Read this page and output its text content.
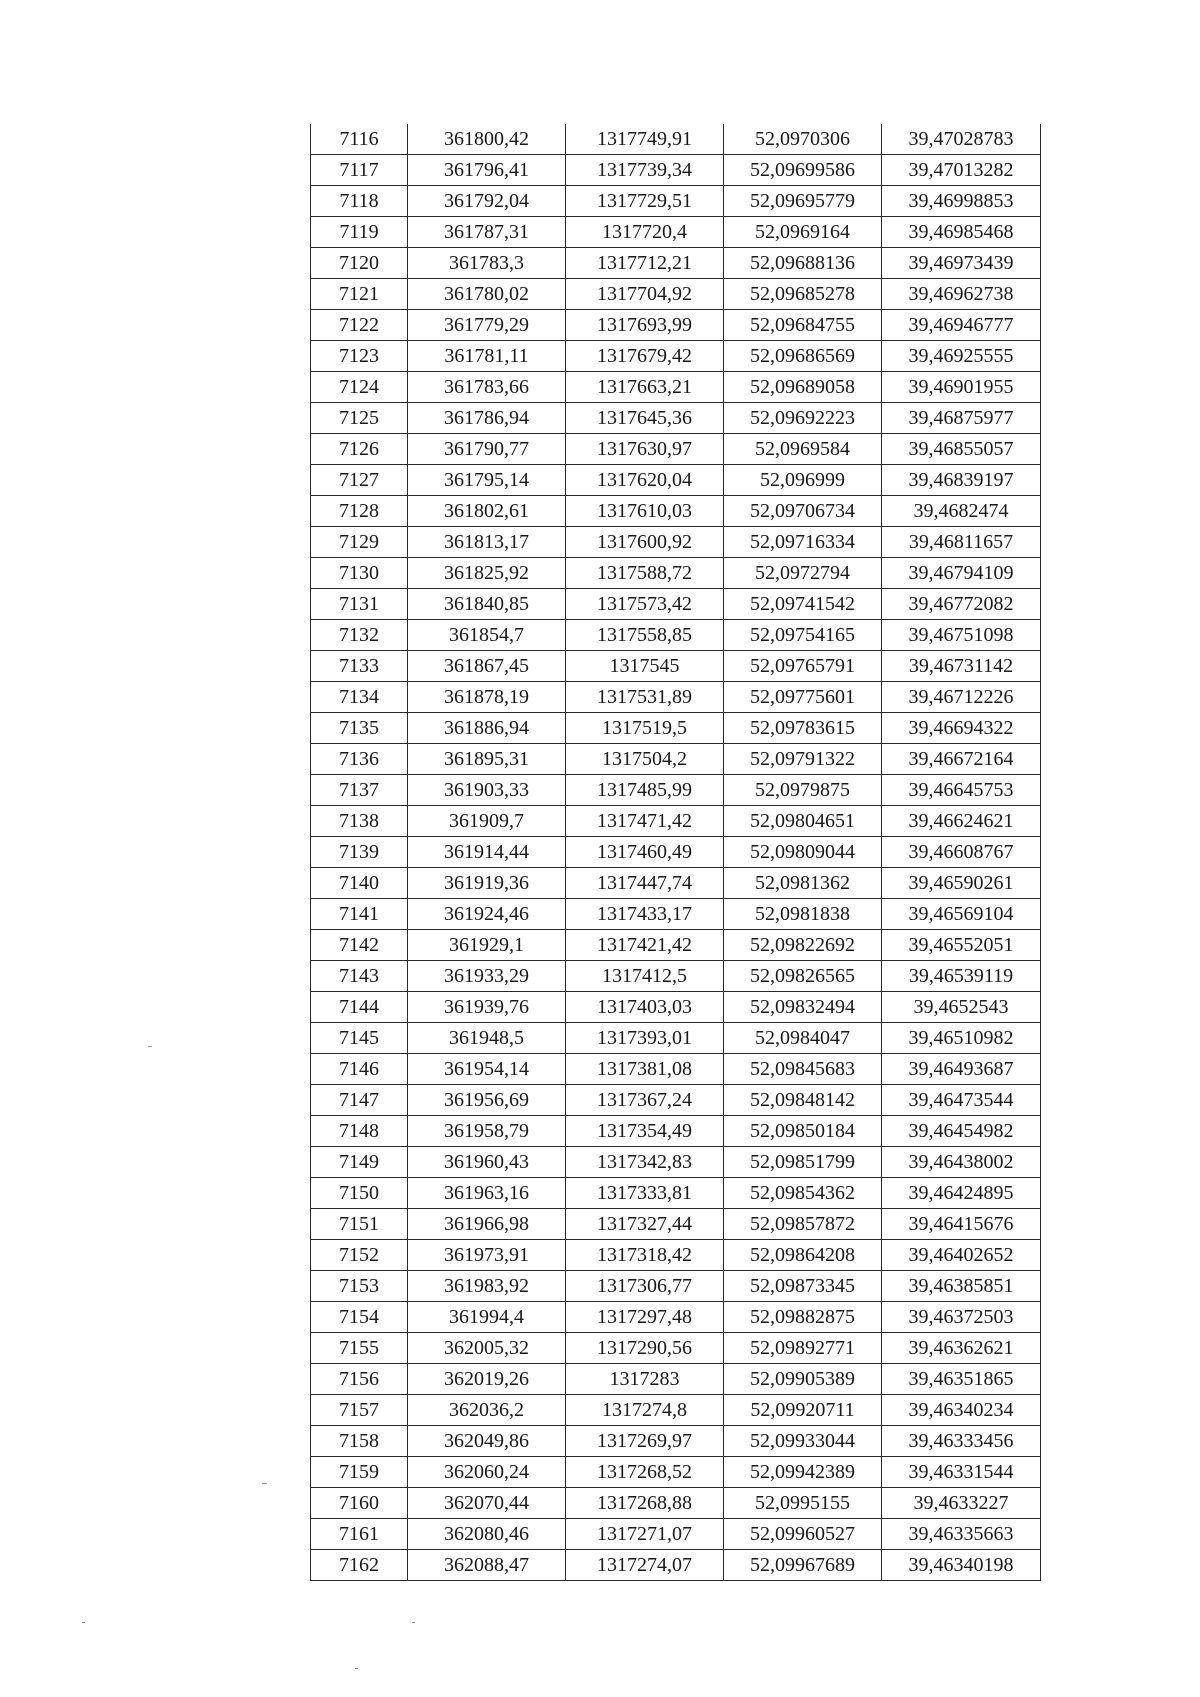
7116	361800,42	1317749,91	52,0970306	39,47028783
7117	361796,41	1317739,34	52,09699586	39,47013282
7118	361792,04	1317729,51	52,09695779	39,46998853
7119	361787,31	1317720,4	52,0969164	39,46985468
7120	361783,3	1317712,21	52,09688136	39,46973439
7121	361780,02	1317704,92	52,09685278	39,46962738
7122	361779,29	1317693,99	52,09684755	39,46946777
7123	361781,11	1317679,42	52,09686569	39,46925555
7124	361783,66	1317663,21	52,09689058	39,46901955
7125	361786,94	1317645,36	52,09692223	39,46875977
7126	361790,77	1317630,97	52,0969584	39,46855057
7127	361795,14	1317620,04	52,096999	39,46839197
7128	361802,61	1317610,03	52,09706734	39,4682474
7129	361813,17	1317600,92	52,09716334	39,46811657
7130	361825,92	1317588,72	52,0972794	39,46794109
7131	361840,85	1317573,42	52,09741542	39,46772082
7132	361854,7	1317558,85	52,09754165	39,46751098
7133	361867,45	1317545	52,09765791	39,46731142
7134	361878,19	1317531,89	52,09775601	39,46712226
7135	361886,94	1317519,5	52,09783615	39,46694322
7136	361895,31	1317504,2	52,09791322	39,46672164
7137	361903,33	1317485,99	52,0979875	39,46645753
7138	361909,7	1317471,42	52,09804651	39,46624621
7139	361914,44	1317460,49	52,09809044	39,46608767
7140	361919,36	1317447,74	52,0981362	39,46590261
7141	361924,46	1317433,17	52,0981838	39,46569104
7142	361929,1	1317421,42	52,09822692	39,46552051
7143	361933,29	1317412,5	52,09826565	39,46539119
7144	361939,76	1317403,03	52,09832494	39,4652543
7145	361948,5	1317393,01	52,0984047	39,46510982
7146	361954,14	1317381,08	52,09845683	39,46493687
7147	361956,69	1317367,24	52,09848142	39,46473544
7148	361958,79	1317354,49	52,09850184	39,46454982
7149	361960,43	1317342,83	52,09851799	39,46438002
7150	361963,16	1317333,81	52,09854362	39,46424895
7151	361966,98	1317327,44	52,09857872	39,46415676
7152	361973,91	1317318,42	52,09864208	39,46402652
7153	361983,92	1317306,77	52,09873345	39,46385851
7154	361994,4	1317297,48	52,09882875	39,46372503
7155	362005,32	1317290,56	52,09892771	39,46362621
7156	362019,26	1317283	52,09905389	39,46351865
7157	362036,2	1317274,8	52,09920711	39,46340234
7158	362049,86	1317269,97	52,09933044	39,46333456
7159	362060,24	1317268,52	52,09942389	39,46331544
7160	362070,44	1317268,88	52,0995155	39,4633227
7161	362080,46	1317271,07	52,09960527	39,46335663
7162	362088,47	1317274,07	52,09967689	39,46340198
